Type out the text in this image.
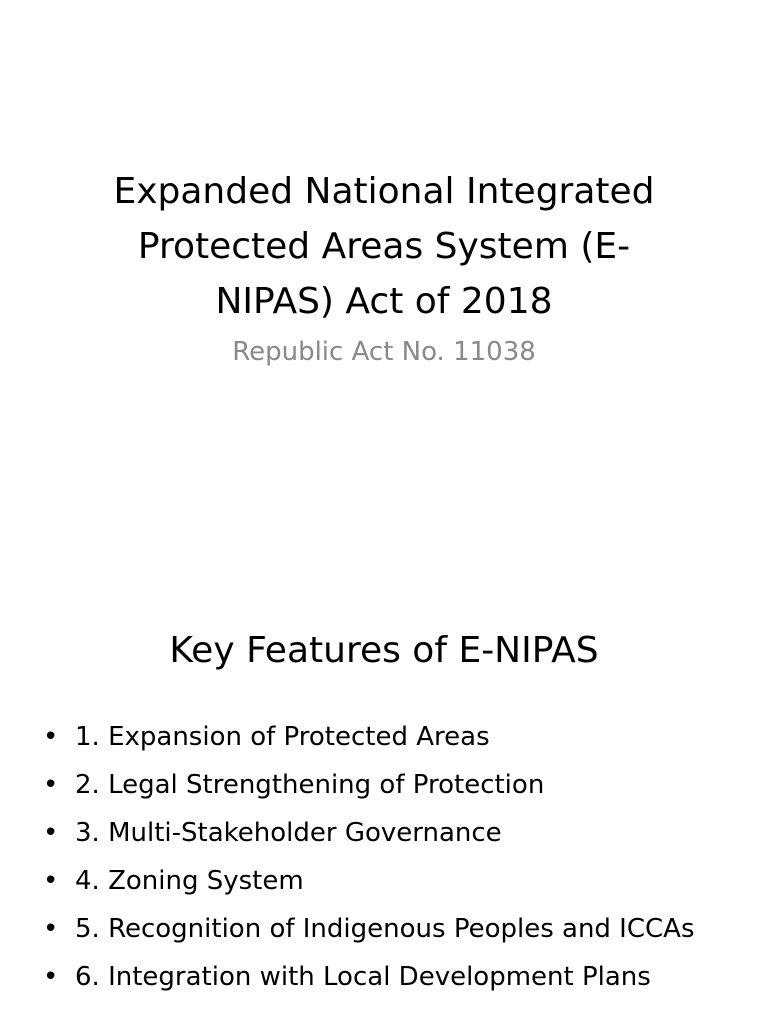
Expanded National Integrated
Protected Areas System (E-
NIPAS) Act of 2018

Republic Act No. 11038

Key Features of E-NIPAS
• 1. Expansion of Protected Areas
• 2. Legal Strengthening of Protection
• 3. Multi-Stakeholder Governance
• 4. Zoning System
• 5. Recognition of Indigenous Peoples and ICCAs
• 6. Integration with Local Development Plans
